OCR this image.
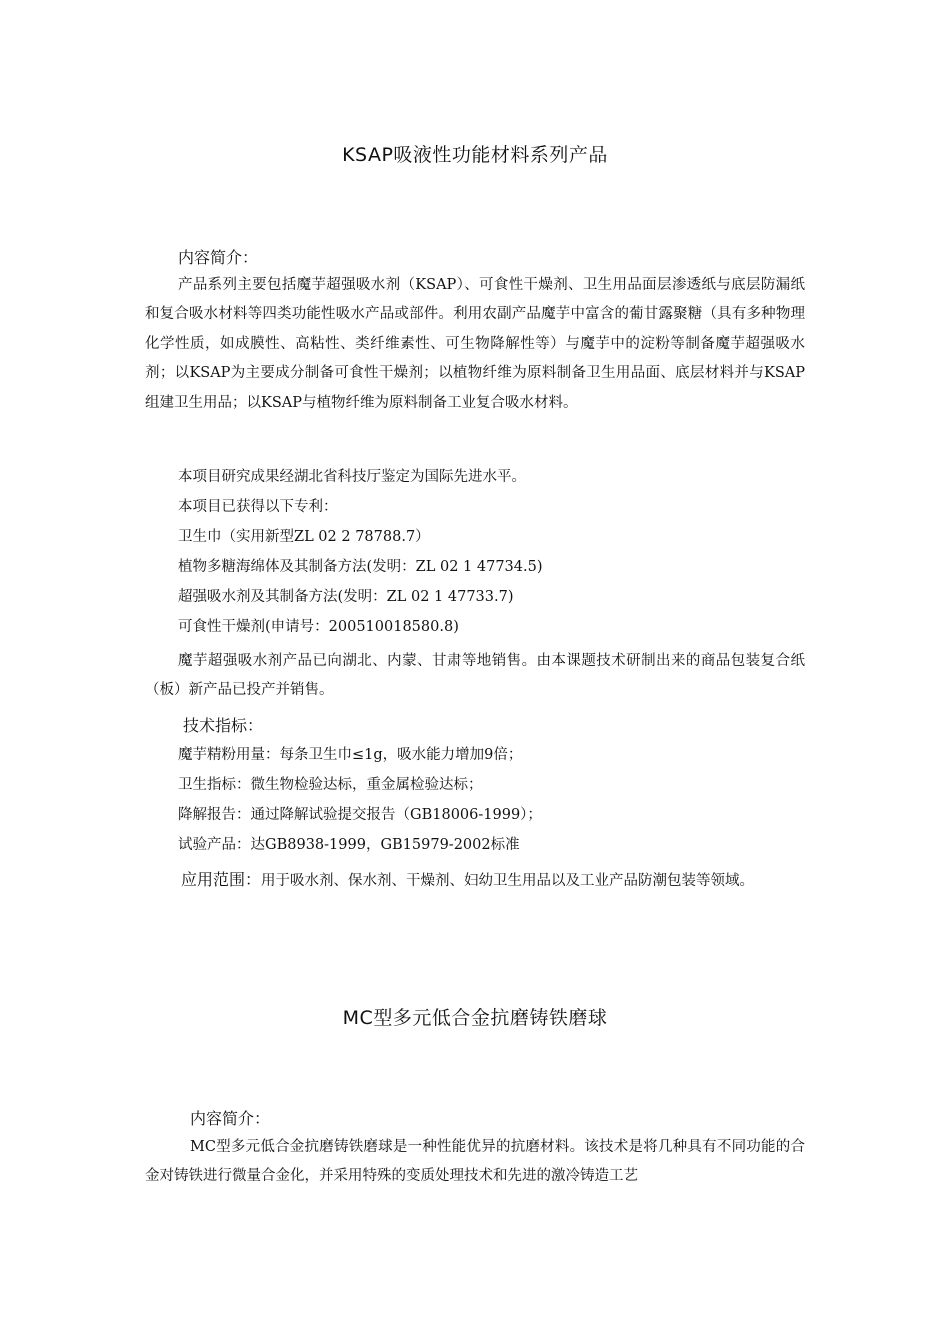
KSAP吸液性功能材料系列产品
内容简介：
产品系列主要包括魔芋超强吸水剂（KSAP）、可食性干燥剂、卫生用品面层渗透纸与底层防漏纸和复合吸水材料等四类功能性吸水产品或部件。利用农副产品魔芋中富含的葡甘露聚糖（具有多种物理化学性质，如成膜性、高粘性、类纤维素性、可生物降解性等）与魔芋中的淀粉等制备魔芋超强吸水剂；以KSAP为主要成分制备可食性干燥剂；以植物纤维为原料制备卫生用品面、底层材料并与KSAP组建卫生用品；以KSAP与植物纤维为原料制备工业复合吸水材料。
本项目研究成果经湖北省科技厅鉴定为国际先进水平。
本项目已获得以下专利：
卫生巾（实用新型ZL 02 2 78788.7）
植物多糖海绵体及其制备方法(发明：ZL 02 1 47734.5)
超强吸水剂及其制备方法(发明：ZL 02 1 47733.7)
可食性干燥剂(申请号：200510018580.8)
魔芋超强吸水剂产品已向湖北、内蒙、甘肃等地销售。由本课题技术研制出来的商品包装复合纸（板）新产品已投产并销售。
技术指标：
魔芋精粉用量：每条卫生巾≤1g，吸水能力增加9倍；
卫生指标：微生物检验达标，重金属检验达标；
降解报告：通过降解试验提交报告（GB18006-1999）；
试验产品：达GB8938-1999，GB15979-2002标准
应用范围：用于吸水剂、保水剂、干燥剂、妇幼卫生用品以及工业产品防潮包装等领域。
MC型多元低合金抗磨铸铁磨球
内容简介：
MC型多元低合金抗磨铸铁磨球是一种性能优异的抗磨材料。该技术是将几种具有不同功能的合金对铸铁进行微量合金化，并采用特殊的变质处理技术和先进的激冷铸造工艺
